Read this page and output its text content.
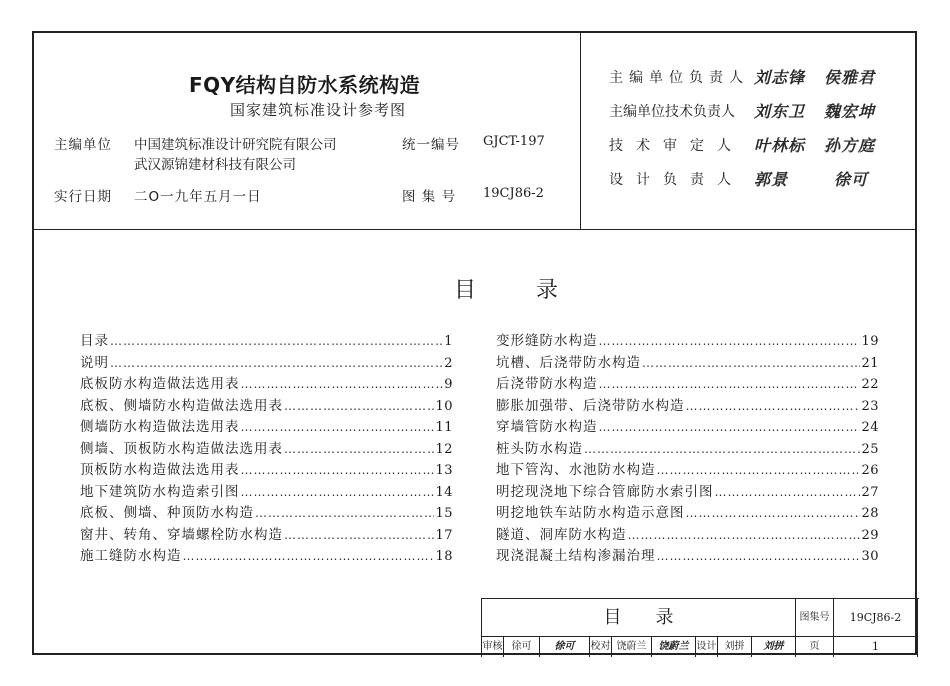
FQY结构自防水系统构造
国家建筑标准设计参考图
主编单位 中国建筑标准设计研究院有限公司
武汉源锦建材科技有限公司
统一编号 GJCT-197
实行日期 二O一九年五月一日	图 集 号 19CJ86-2
主编单位负责人 刘志锋 侯雅君
主编单位技术负责人 刘东卫 魏宏坤
技术审定人 叶林标 孙方庭
设计负责人 郭景	徐可
目录
目录 ……………………………………………………………………………………………………………………	1
说明 ……………………………………………………………………………………………………………………	2
底板防水构造做法选用表 ……………………………………………………………………………………………………………………	9
底板、侧墙防水构造做法选用表 ……………………………………………………………………………………………………………………	10
侧墙防水构造做法选用表 ……………………………………………………………………………………………………………………	11
侧墙、顶板防水构造做法选用表 ……………………………………………………………………………………………………………………	12
顶板防水构造做法选用表 ……………………………………………………………………………………………………………………	13
地下建筑防水构造索引图 ……………………………………………………………………………………………………………………	14
底板、侧墙、种顶防水构造 ……………………………………………………………………………………………………………………	15
窗井、转角、穿墙螺栓防水构造 ……………………………………………………………………………………………………………………	17
施工缝防水构造 ……………………………………………………………………………………………………………………	18
变形缝防水构造 ……………………………………………………………………………………………………………………	19
坑槽、后浇带防水构造 ……………………………………………………………………………………………………………………	21
后浇带防水构造 ……………………………………………………………………………………………………………………	22
膨胀加强带、后浇带防水构造 ……………………………………………………………………………………………………………………	23
穿墙管防水构造 ……………………………………………………………………………………………………………………	24
桩头防水构造 ……………………………………………………………………………………………………………………	25
地下管沟、水池防水构造 ……………………………………………………………………………………………………………………	26
明挖现浇地下综合管廊防水索引图 ……………………………………………………………………………………………………………………	27
明挖地铁车站防水构造示意图 ……………………………………………………………………………………………………………………	28
隧道、洞库防水构造 ……………………………………………………………………………………………………………………	29
现浇混凝土结构渗漏治理 ……………………………………………………………………………………………………………………	30
目录	图集号	19CJ86-2
审核 徐可	徐可	校对 饶蔚兰	饶蔚兰 设计 刘拼	刘拼	页	1
